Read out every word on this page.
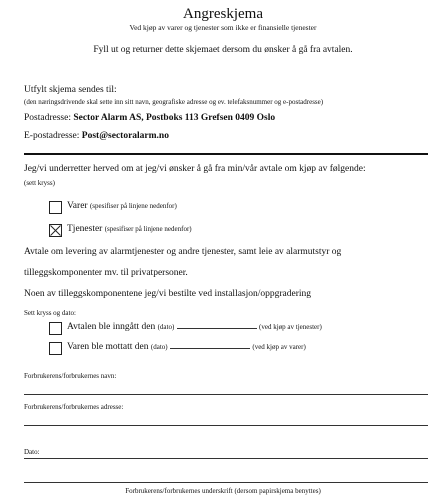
Angreskjema
Ved kjøp av varer og tjenester som ikke er finansielle tjenester
Fyll ut og returner dette skjemaet dersom du ønsker å gå fra avtalen.
Utfylt skjema sendes til:
(den næringsdrivende skal sette inn sitt navn, geografiske adresse og ev. telefaksnummer og e-postadresse)
Postadresse: Sector Alarm AS, Postboks 113 Grefsen 0409 Oslo
E-postadresse: Post@sectoralarm.no
Jeg/vi underretter herved om at jeg/vi ønsker å gå fra min/vår avtale om kjøp av følgende:
(sett kryss)
Varer (spesifiser på linjene nedenfor)
Tjenester (spesifiser på linjene nedenfor)
Avtale om levering av alarmtjenester og andre tjenester, samt leie av alarmutstyr og
tilleggskomponenter mv. til privatpersoner.
Noen av tilleggskomponentene jeg/vi bestilte ved installasjon/oppgradering
Sett kryss og dato:
Avtalen ble inngått den (dato)	(ved kjøp av tjenester)
Varen ble mottatt den (dato)	(ved kjøp av varer)
Forbrukerens/forbrukernes navn:
Forbrukerens/forbrukernes adresse:
Dato:
Forbrukerens/forbrukernes underskrift (dersom papirskjema benyttes)
